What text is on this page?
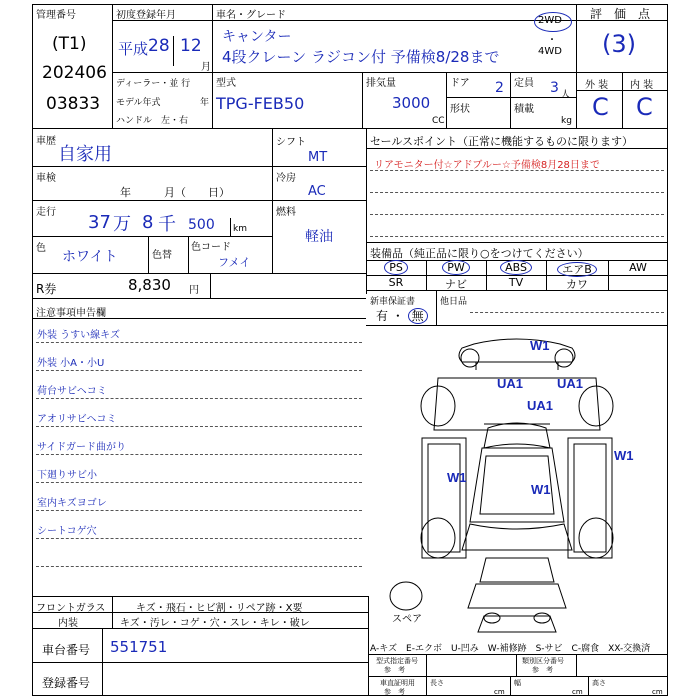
管理番号
(T1)
202406
03833
初度登録年月
平成 28 12
月
車名・グレード
キャンター
4段クレーン ラジコン付 予備検8/28まで
2WD
・
4WD
ディーラー・並 行
モデル年式	年
ハンドル　左・右
型式
TPG-FEB50
排気量
3000
CC
ドア 2 定員 3 人
形状	積載
kg
評　価　点
(3)
外 装 内 装
C C
車歴
自家用
車検
年　　　月（　　日）
走行 37 万 8 千 500 km
色
ホワイト	色替
色コード
フメイ
シフト
MT
冷房
AC
燃料
軽油
R券	8,830 円
セールスポイント（正常に機能するものに限ります）
リアモニター付☆アドブルー☆予備検8月28日まで
装備品（純正品に限り○をつけてください）
PS	PW	ABS	エアB	AW
SR	ナビ	TV	カワ
新車保証書
有 ・ 無
他日品
注意事項申告欄
外装 うすい線キズ
外装 小A・小U
荷台サビヘコミ
アオリサビヘコミ
サイドガード曲がり
下廻りサビ小
室内キズヨゴレ
シートコゲ穴
W1
UA1	UA1
UA1
W1
W1
W1
スペア
フロントガラス	キズ・飛石・ヒビ割・リペア跡・X要
内装	キズ・汚レ・コゲ・穴・スレ・キレ・破レ
車台番号 551751
登録番号
A-キズ　E-エクボ　U-凹み　W-補修跡　S-サビ　C-腐食　XX-交換済
型式指定番号
参　考
類別区分番号
参　考
車直証明用
参　考
長さ
cm
幅
cm
高さ
cm
